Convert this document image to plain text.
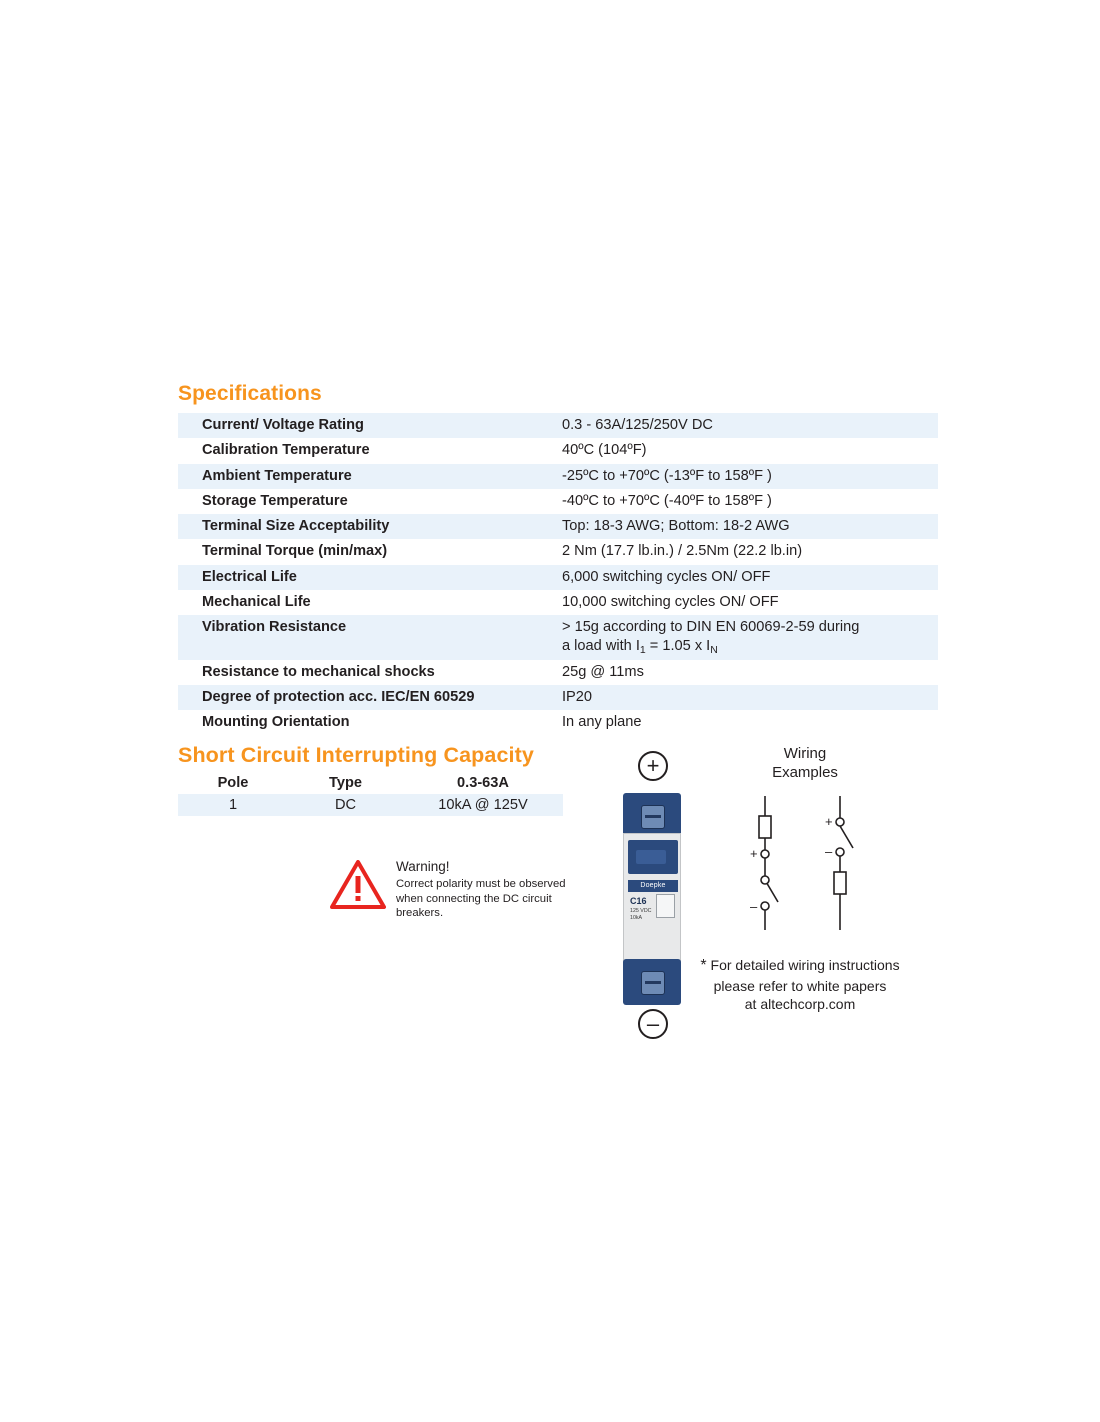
Specifications
Current/ Voltage Rating	0.3 - 63A/125/250V DC
Calibration Temperature	40ºC (104ºF)
Ambient Temperature	-25ºC to +70ºC (-13ºF to 158ºF )
Storage Temperature	-40ºC to +70ºC (-40ºF to 158ºF )
Terminal Size Acceptability	Top: 18-3 AWG; Bottom: 18-2 AWG
Terminal Torque (min/max)	2 Nm (17.7 lb.in.) / 2.5Nm (22.2 lb.in)
Electrical Life	6,000 switching cycles ON/ OFF
Mechanical Life	10,000 switching cycles ON/ OFF
Vibration Resistance	> 15g according to DIN EN 60069-2-59 during
a load with $I_1 = 1.05$ x $I_N$
Resistance to mechanical shocks	25g @ 11ms
Degree of protection acc. IEC/EN 60529	IP20
Mounting Orientation	In any plane
Short Circuit Interrupting Capacity
Pole	Type	0.3-63A
1	DC	10kA @ 125V
Warning!
Correct polarity must be observed
when connecting the DC circuit breakers.
+
Doepke
C16
125 VDC
10kA
–
Wiring
Examples
+
–
+
–
* For detailed wiring instructions
please refer to white papers
at altechcorp.com
